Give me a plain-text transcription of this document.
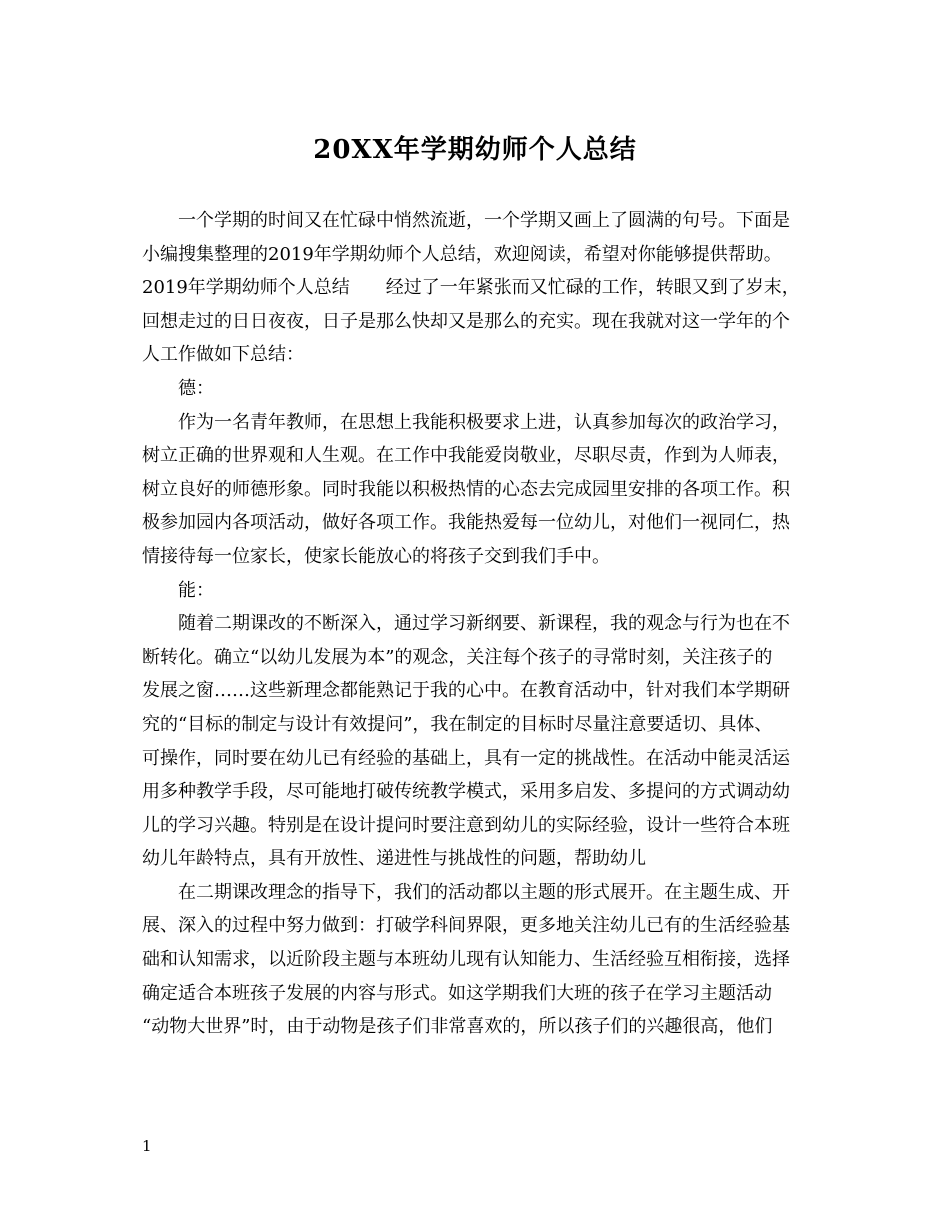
20XX年学期幼师个人总结
一个学期的时间又在忙碌中悄然流逝，一个学期又画上了圆满的句号。下面是
小编搜集整理的2019年学期幼师个人总结，欢迎阅读，希望对你能够提供帮助。
2019年学期幼师个人总结　　经过了一年紧张而又忙碌的工作，转眼又到了岁末，
回想走过的日日夜夜，日子是那么快却又是那么的充实。现在我就对这一学年的个
人工作做如下总结：
德：
作为一名青年教师，在思想上我能积极要求上进，认真参加每次的政治学习，
树立正确的世界观和人生观。在工作中我能爱岗敬业，尽职尽责，作到为人师表，
树立良好的师德形象。同时我能以积极热情的心态去完成园里安排的各项工作。积
极参加园内各项活动，做好各项工作。我能热爱每一位幼儿，对他们一视同仁，热
情接待每一位家长，使家长能放心的将孩子交到我们手中。
能：
随着二期课改的不断深入，通过学习新纲要、新课程，我的观念与行为也在不
断转化。确立“以幼儿发展为本”的观念，关注每个孩子的寻常时刻，关注孩子的
发展之窗……这些新理念都能熟记于我的心中。在教育活动中，针对我们本学期研
究的“目标的制定与设计有效提问”，我在制定的目标时尽量注意要适切、具体、
可操作，同时要在幼儿已有经验的基础上，具有一定的挑战性。在活动中能灵活运
用多种教学手段，尽可能地打破传统教学模式，采用多启发、多提问的方式调动幼
儿的学习兴趣。特别是在设计提问时要注意到幼儿的实际经验，设计一些符合本班
幼儿年龄特点，具有开放性、递进性与挑战性的问题，帮助幼儿
在二期课改理念的指导下，我们的活动都以主题的形式展开。在主题生成、开
展、深入的过程中努力做到：打破学科间界限，更多地关注幼儿已有的生活经验基
础和认知需求，以近阶段主题与本班幼儿现有认知能力、生活经验互相衔接，选择
确定适合本班孩子发展的内容与形式。如这学期我们大班的孩子在学习主题活动
“动物大世界”时，由于动物是孩子们非常喜欢的，所以孩子们的兴趣很高，他们
1
